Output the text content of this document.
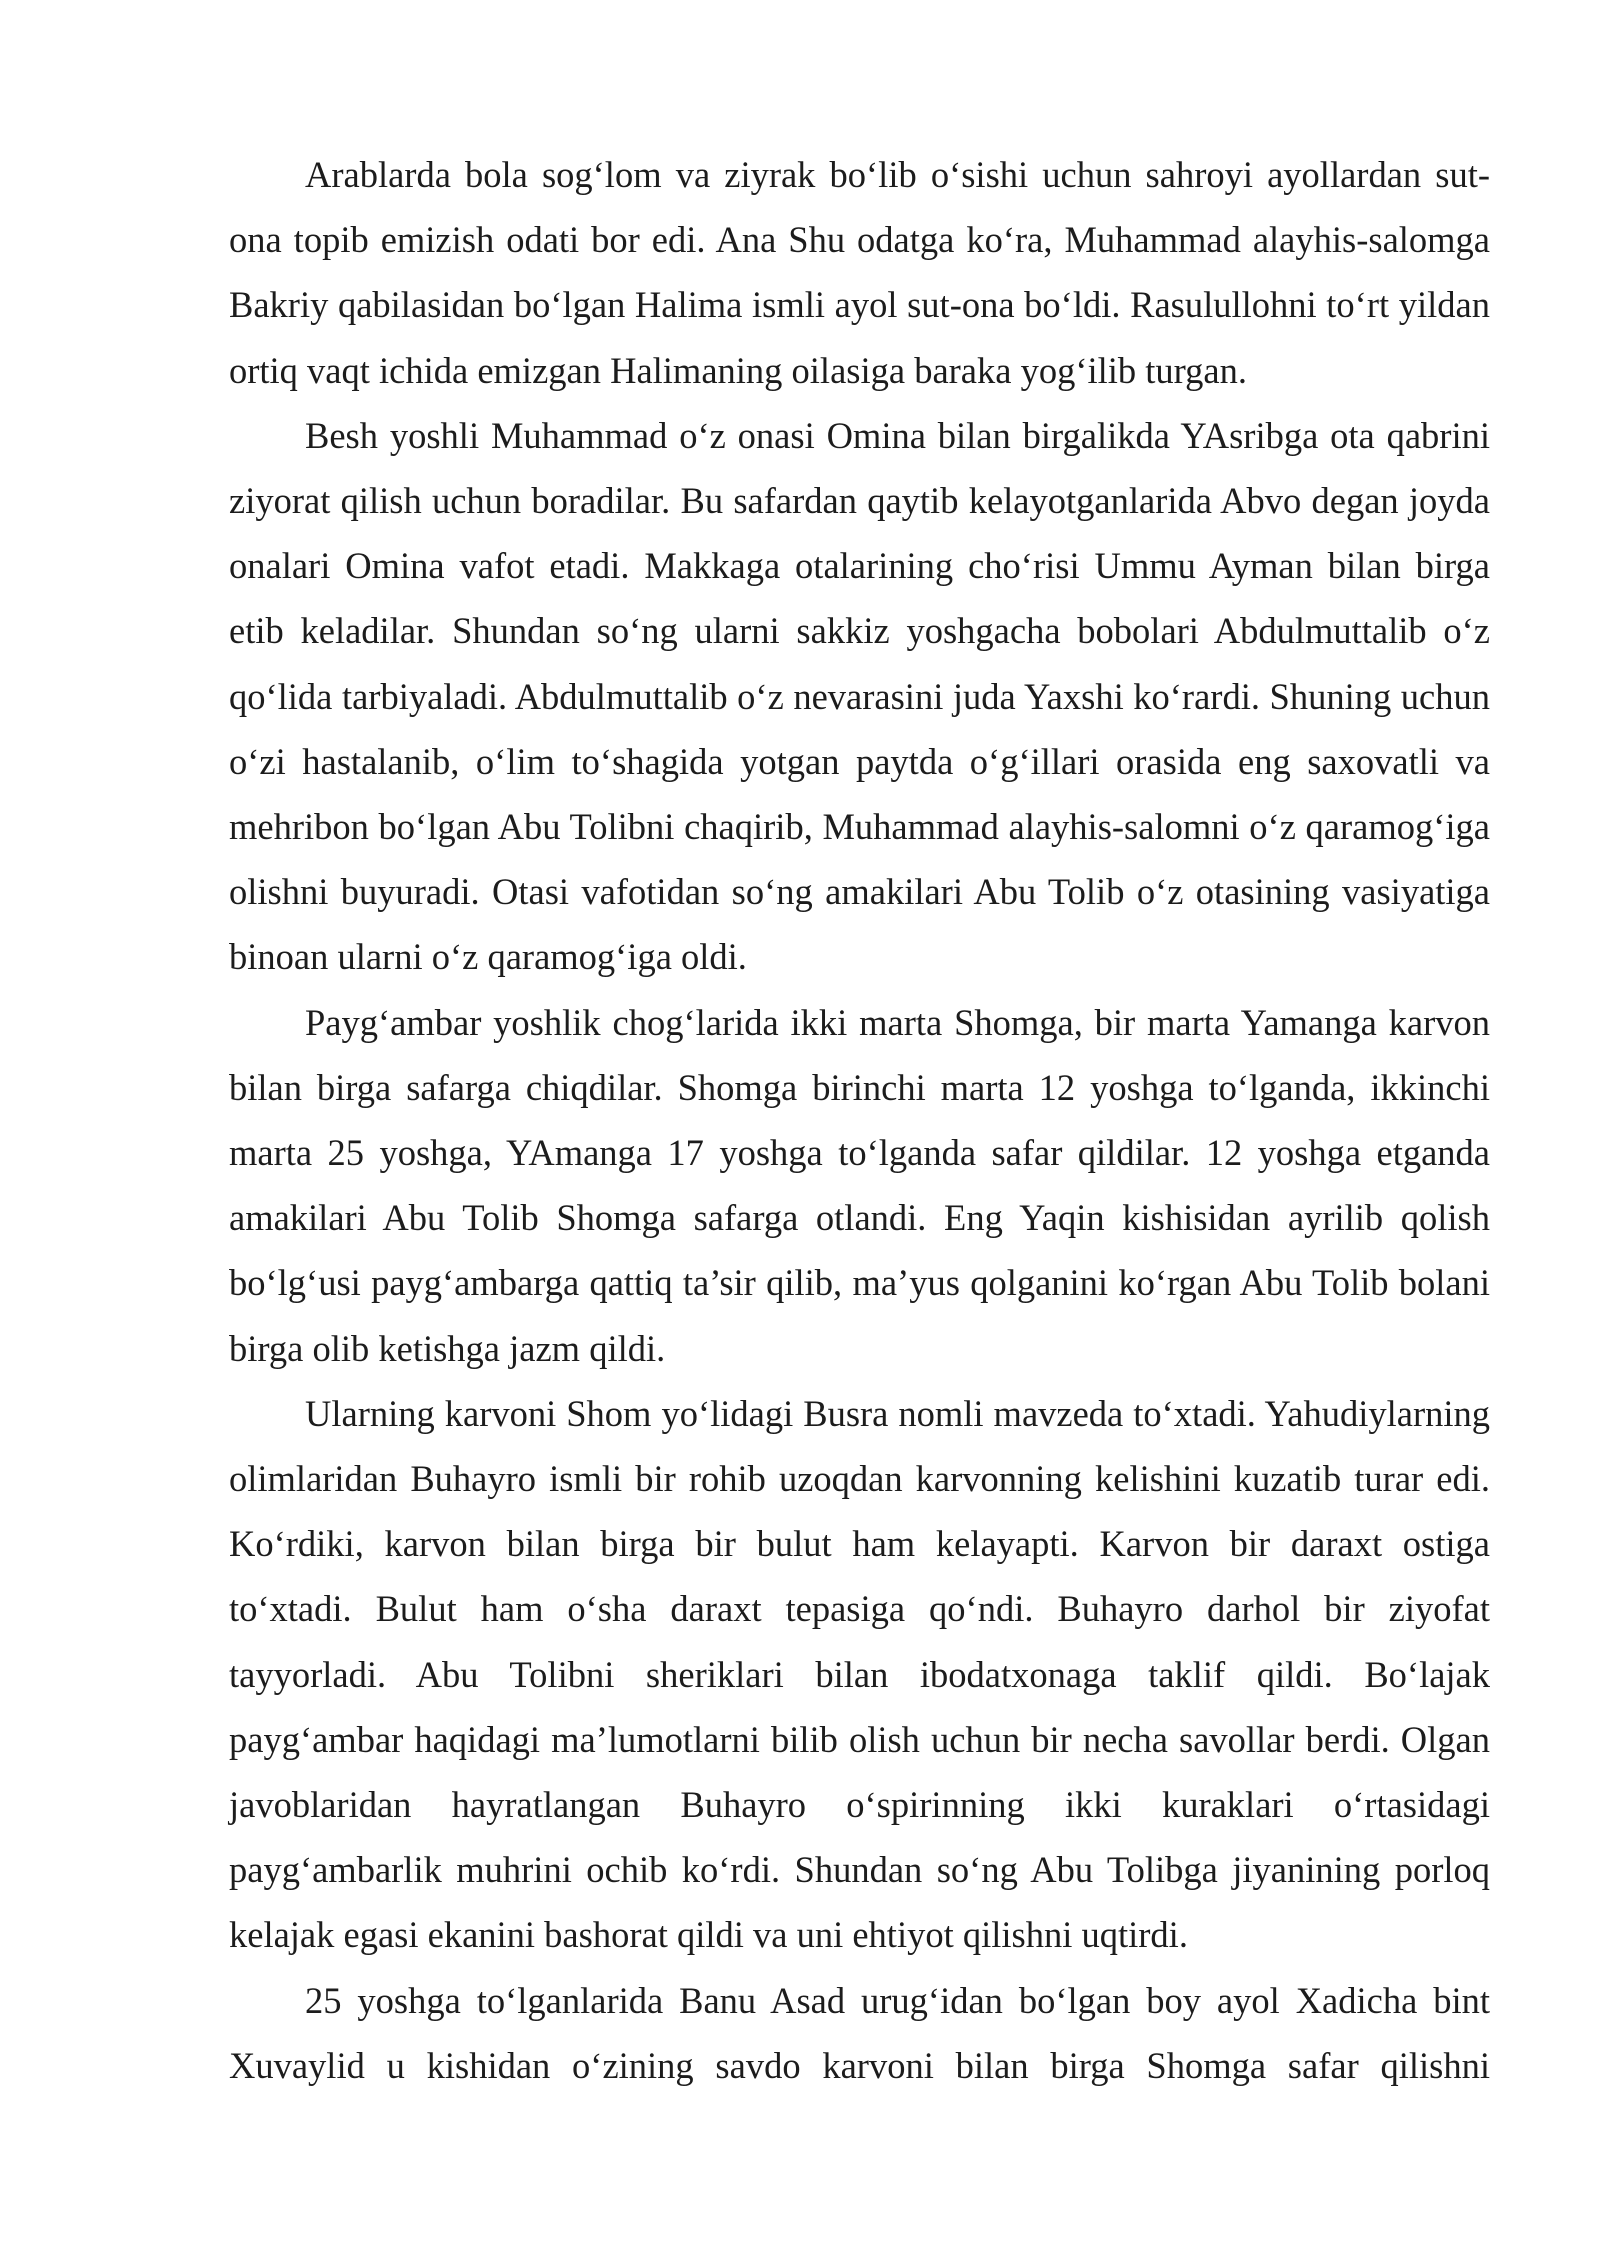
Arablarda bola sog‘lom va ziyrak bo‘lib o‘sishi uchun sahroyi ayollardan sut-ona topib emizish odati bor edi. Ana Shu odatga ko‘ra, Muhammad alayhis-salomga Bakriy qabilasidan bo‘lgan Halima ismli ayol sut-ona bo‘ldi. Rasulullohni to‘rt yildan ortiq vaqt ichida emizgan Halimaning oilasiga baraka yog‘ilib turgan.

Besh yoshli Muhammad o‘z onasi Omina bilan birgalikda YAsribga ota qabrini ziyorat qilish uchun boradilar. Bu safardan qaytib kelayotganlarida Abvo degan joyda onalari Omina vafot etadi. Makkaga otalarining cho‘risi Ummu Ayman bilan birga etib keladilar. Shundan so‘ng ularni sakkiz yoshgacha bobolari Abdulmuttalib o‘z qo‘lida tarbiyaladi. Abdulmuttalib o‘z nevarasini juda Yaxshi ko‘rardi. Shuning uchun o‘zi hastalanib, o‘lim to‘shagida yotgan paytda o‘g‘illari orasida eng saxovatli va mehribon bo‘lgan Abu Tolibni chaqirib, Muhammad alayhis-salomni o‘z qaramog‘iga olishni buyuradi. Otasi vafotidan so‘ng amakilari Abu Tolib o‘z otasining vasiyatiga binoan ularni o‘z qaramog‘iga oldi.

Payg‘ambar yoshlik chog‘larida ikki marta Shomga, bir marta Yamanga karvon bilan birga safarga chiqdilar. Shomga birinchi marta 12 yoshga to‘lganda, ikkinchi marta 25 yoshga, YAmanga 17 yoshga to‘lganda safar qildilar. 12 yoshga etganda amakilari Abu Tolib Shomga safarga otlandi. Eng Yaqin kishisidan ayrilib qolish bo‘lg‘usi payg‘ambarga qattiq ta’sir qilib, ma’yus qolganini ko‘rgan Abu Tolib bolani birga olib ketishga jazm qildi.

Ularning karvoni Shom yo‘lidagi Busra nomli mavzeda to‘xtadi. Yahudiylarning olimlaridan Buhayro ismli bir rohib uzoqdan karvonning kelishini kuzatib turar edi. Ko‘rdiki, karvon bilan birga bir bulut ham kelayapti. Karvon bir daraxt ostiga to‘xtadi. Bulut ham o‘sha daraxt tepasiga qo‘ndi. Buhayro darhol bir ziyofat tayyorladi. Abu Tolibni sheriklari bilan ibodatxonaga taklif qildi. Bo‘lajak payg‘ambar haqidagi ma’lumotlarni bilib olish uchun bir necha savollar berdi. Olgan javoblaridan hayratlangan Buhayro o‘spirinning ikki kuraklari o‘rtasidagi payg‘ambarlik muhrini ochib ko‘rdi. Shundan so‘ng Abu Tolibga jiyanining porloq kelajak egasi ekanini bashorat qildi va uni ehtiyot qilishni uqtirdi.

25 yoshga to‘lganlarida Banu Asad urug‘idan bo‘lgan boy ayol Xadicha bint Xuvaylid u kishidan o‘zining savdo karvoni bilan birga Shomga safar qilishni
